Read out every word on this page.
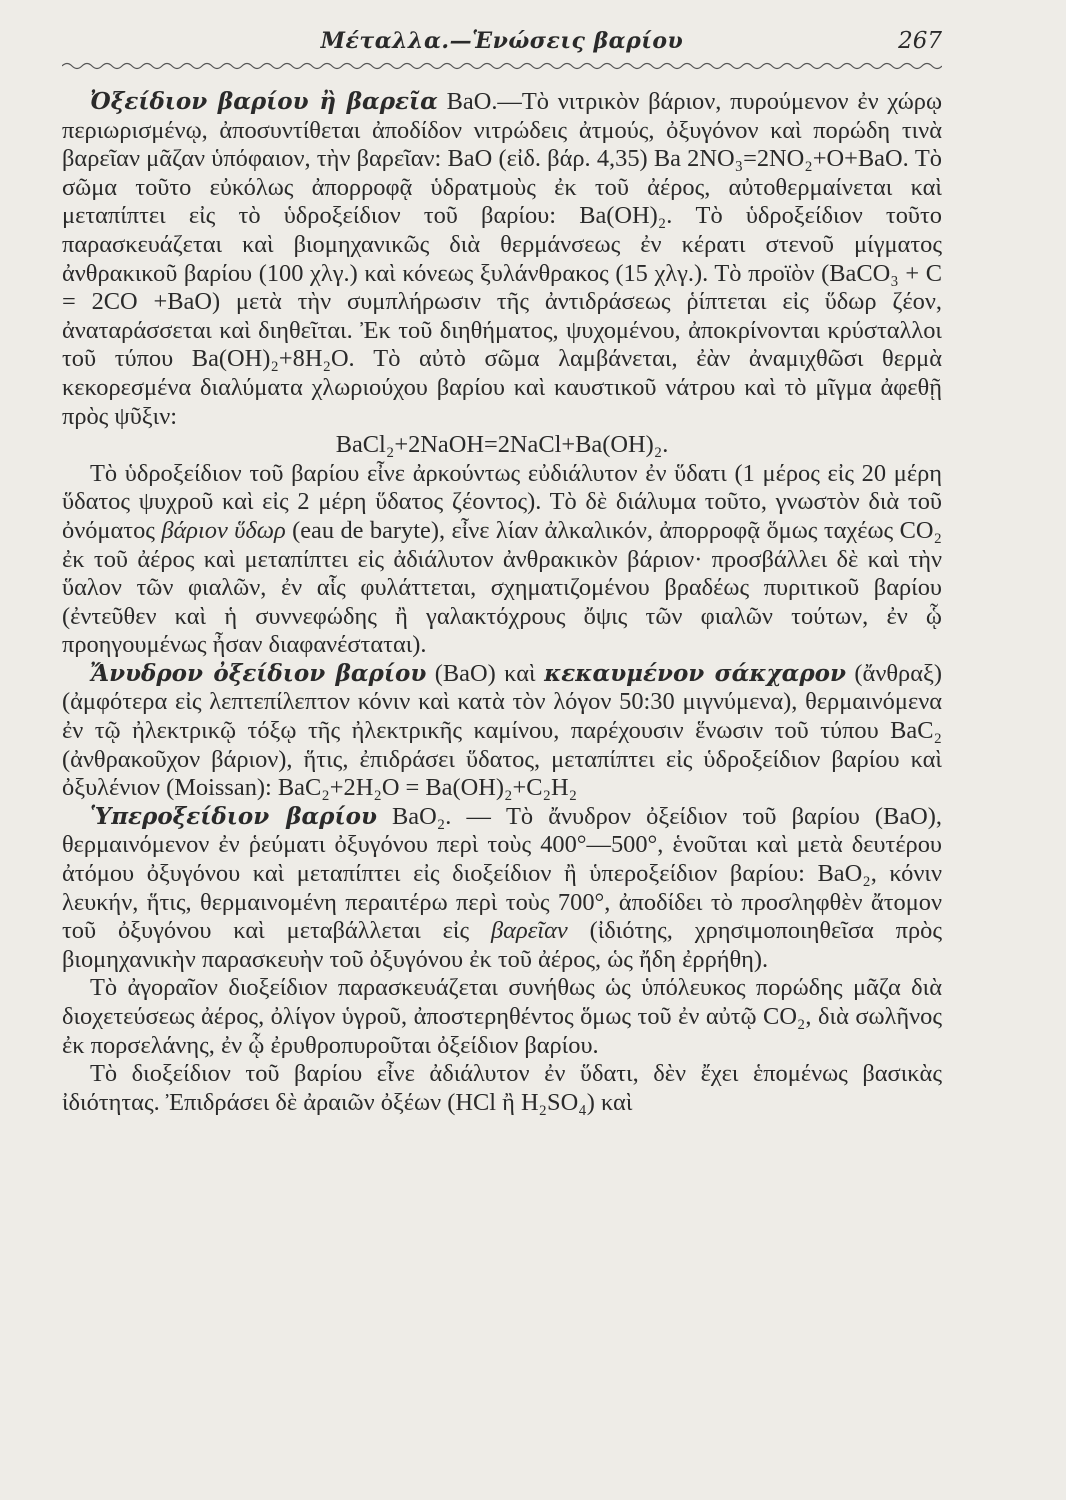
Μέταλλα.—Ἑνώσεις βαρίου	267

Ὀξείδιον βαρίου ἢ βαρεῖα BaO.—Τὸ νιτρικὸν βάριον, πυρούμενον ἐν χώρῳ περιωρισμένῳ, ἀποσυντίθεται ἀποδίδον νιτρώδεις ἀτμούς, ὀξυγόνον καὶ πορώδη τινὰ βαρεῖαν μᾶζαν ὑπόφαιον, τὴν βαρεῖαν: BaO (εἰδ. βάρ. 4,35) Ba 2NO₃=2NO₂+O+BaO. Τὸ σῶμα τοῦτο εὐκόλως ἀπορροφᾷ ὑδρατμοὺς ἐκ τοῦ ἀέρος, αὐτοθερμαίνεται καὶ μεταπίπτει εἰς τὸ ὑδροξείδιον τοῦ βαρίου: Ba(OH)₂. Τὸ ὑδροξείδιον τοῦτο παρασκευάζεται καὶ βιομηχανικῶς διὰ θερμάνσεως ἐν κέρατι στενοῦ μίγματος ἀνθρακικοῦ βαρίου (100 χλγ.) καὶ κόνεως ξυλάνθρακος (15 χλγ.). Τὸ προϊὸν (BaCO₃ + C = 2CO +BaO) μετὰ τὴν συμπλήρωσιν τῆς ἀντιδράσεως ῥίπτεται εἰς ὕδωρ ζέον, ἀναταράσσεται καὶ διηθεῖται. Ἐκ τοῦ διηθήματος, ψυχομένου, ἀποκρίνονται κρύσταλλοι τοῦ τύπου Ba(OH)₂+8H₂O. Τὸ αὐτὸ σῶμα λαμβάνεται, ἐὰν ἀναμιχθῶσι θερμὰ κεκορεσμένα διαλύματα χλωριούχου βαρίου καὶ καυστικοῦ νάτρου καὶ τὸ μῖγμα ἀφεθῇ πρὸς ψῦξιν:

BaCl₂+2NaOH=2NaCl+Ba(OH)₂.

Τὸ ὑδροξείδιον τοῦ βαρίου εἶνε ἀρκούντως εὐδιάλυτον ἐν ὕδατι (1 μέρος εἰς 20 μέρη ὕδατος ψυχροῦ καὶ εἰς 2 μέρη ὕδατος ζέοντος). Τὸ δὲ διάλυμα τοῦτο, γνωστὸν διὰ τοῦ ὀνόματος βάριον ὕδωρ (eau de baryte), εἶνε λίαν ἀλκαλικόν, ἀπορροφᾷ ὅμως ταχέως CO₂ ἐκ τοῦ ἀέρος καὶ μεταπίπτει εἰς ἀδιάλυτον ἀνθρακικὸν βάριον· προσβάλλει δὲ καὶ τὴν ὕαλον τῶν φιαλῶν, ἐν αἷς φυλάττεται, σχηματιζομένου βραδέως πυριτικοῦ βαρίου (ἐντεῦθεν καὶ ἡ συννεφώδης ἢ γαλακτόχρους ὄψις τῶν φιαλῶν τούτων, ἐν ᾧ προηγουμένως ἦσαν διαφανέσταται).

Ἄνυδρον ὀξείδιον βαρίου (BaO) καὶ κεκαυμένον σάκχαρον (ἄνθραξ) (ἀμφότερα εἰς λεπτεπίλεπτον κόνιν καὶ κατὰ τὸν λόγον 50:30 μιγνύμενα), θερμαινόμενα ἐν τῷ ἠλεκτρικῷ τόξῳ τῆς ἠλεκτρικῆς καμίνου, παρέχουσιν ἕνωσιν τοῦ τύπου BaC₂ (ἀνθρακοῦχον βάριον), ἥτις, ἐπιδράσει ὕδατος, μεταπίπτει εἰς ὑδροξείδιον βαρίου καὶ ὀξυλένιον (Moissan): BaC₂+2H₂O = Ba(OH)₂+C₂H₂

Ὑπεροξείδιον βαρίου BaO₂. — Τὸ ἄνυδρον ὀξείδιον τοῦ βαρίου (BaO), θερμαινόμενον ἐν ῥεύματι ὀξυγόνου περὶ τοὺς 400°—500°, ἑνοῦται καὶ μετὰ δευτέρου ἀτόμου ὀξυγόνου καὶ μεταπίπτει εἰς διοξείδιον ἢ ὑπεροξείδιον βαρίου: BaO₂, κόνιν λευκήν, ἥτις, θερμαινομένη περαιτέρω περὶ τοὺς 700°, ἀποδίδει τὸ προσληφθὲν ἄτομον τοῦ ὀξυγόνου καὶ μεταβάλλεται εἰς βαρεῖαν (ἰδιότης, χρησιμοποιηθεῖσα πρὸς βιομηχανικὴν παρασκευὴν τοῦ ὀξυγόνου ἐκ τοῦ ἀέρος, ὡς ἤδη ἐρρήθη).

Τὸ ἀγοραῖον διοξείδιον παρασκευάζεται συνήθως ὡς ὑπόλευκος πορώδης μᾶζα διὰ διοχετεύσεως ἀέρος, ὀλίγον ὑγροῦ, ἀποστερηθέντος ὅμως τοῦ ἐν αὐτῷ CO₂, διὰ σωλῆνος ἐκ πορσελάνης, ἐν ᾧ ἐρυθροπυροῦται ὀξείδιον βαρίου.

Τὸ διοξείδιον τοῦ βαρίου εἶνε ἀδιάλυτον ἐν ὕδατι, δὲν ἔχει ἑπομένως βασικὰς ἰδιότητας. Ἐπιδράσει δὲ ἀραιῶν ὀξέων (HCl ἢ H₂SO₄) καὶ
